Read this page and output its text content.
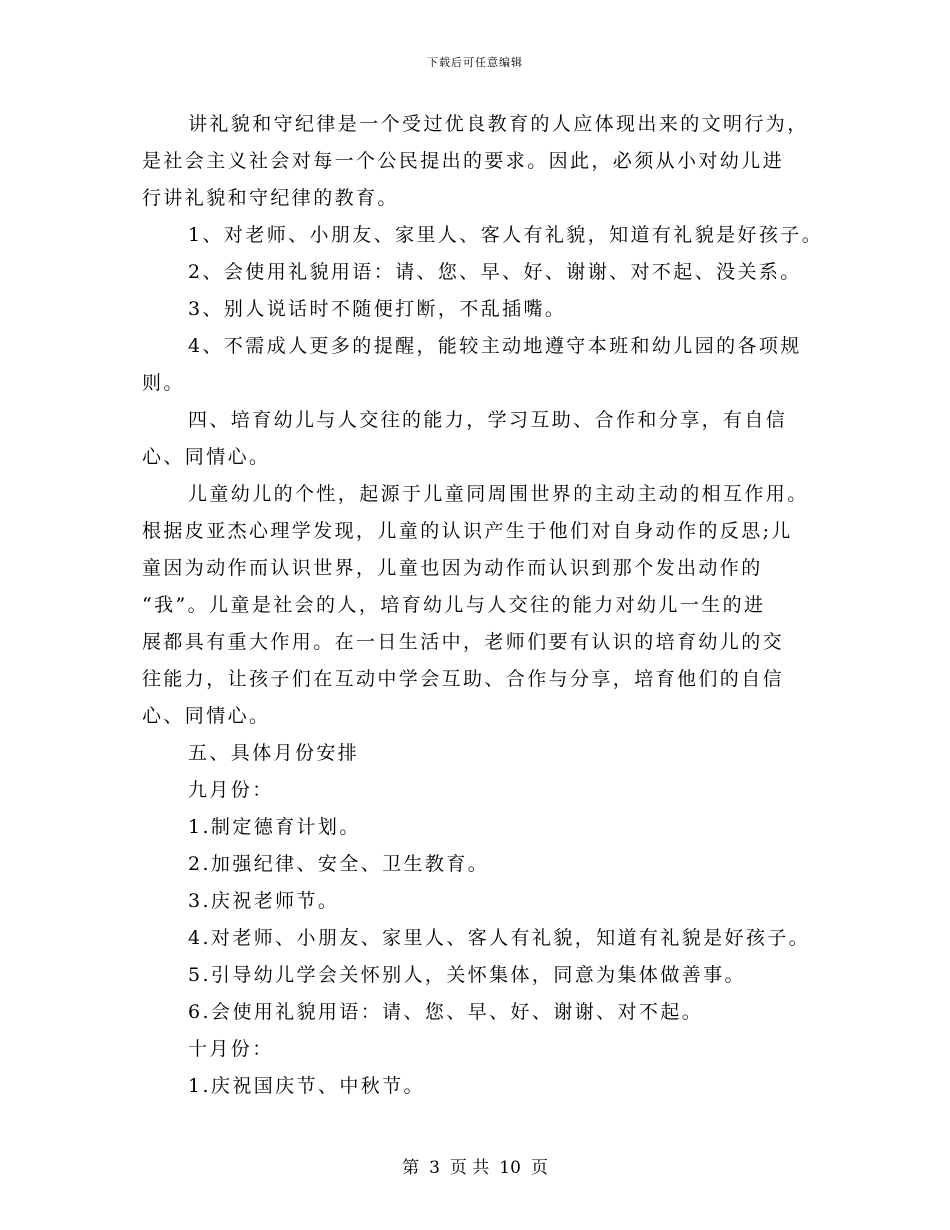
下载后可任意编辑
讲礼貌和守纪律是一个受过优良教育的人应体现出来的文明行为，
是社会主义社会对每一个公民提出的要求。因此，必须从小对幼儿进
行讲礼貌和守纪律的教育。
1、对老师、小朋友、家里人、客人有礼貌，知道有礼貌是好孩子。
2、会使用礼貌用语：请、您、早、好、谢谢、对不起、没关系。
3、别人说话时不随便打断，不乱插嘴。
4、不需成人更多的提醒，能较主动地遵守本班和幼儿园的各项规
则。
四、培育幼儿与人交往的能力，学习互助、合作和分享，有自信
心、同情心。
儿童幼儿的个性，起源于儿童同周围世界的主动主动的相互作用。
根据皮亚杰心理学发现，儿童的认识产生于他们对自身动作的反思;儿
童因为动作而认识世界，儿童也因为动作而认识到那个发出动作的
“我”。儿童是社会的人，培育幼儿与人交往的能力对幼儿一生的进
展都具有重大作用。在一日生活中，老师们要有认识的培育幼儿的交
往能力，让孩子们在互动中学会互助、合作与分享，培育他们的自信
心、同情心。
五、具体月份安排
九月份：
1.制定德育计划。
2.加强纪律、安全、卫生教育。
3.庆祝老师节。
4.对老师、小朋友、家里人、客人有礼貌，知道有礼貌是好孩子。
5.引导幼儿学会关怀别人，关怀集体，同意为集体做善事。
6.会使用礼貌用语：请、您、早、好、谢谢、对不起。
十月份：
1.庆祝国庆节、中秋节。
第 3 页 共 10 页
